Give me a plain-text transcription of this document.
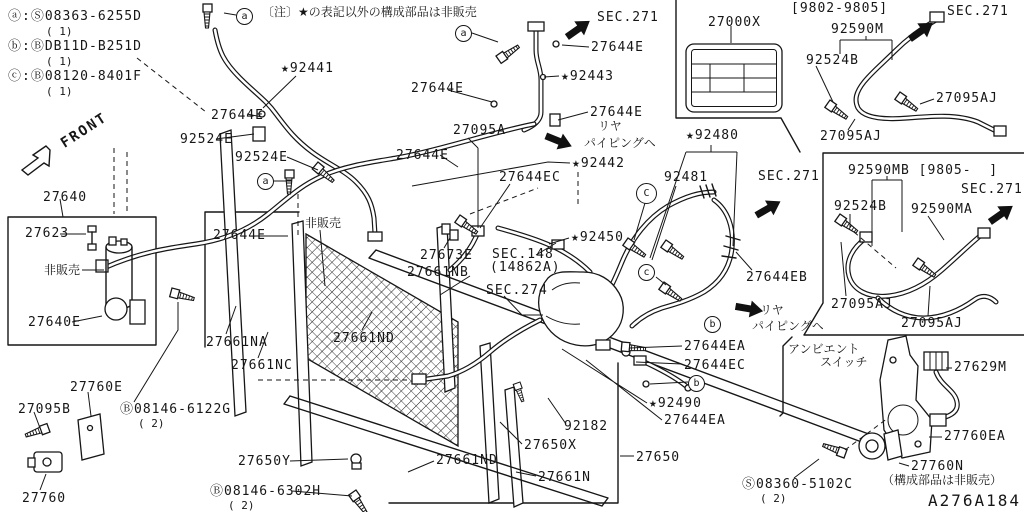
ⓐ:Ⓢ08363-6255D
( 1)
ⓑ:ⒷDB11D-B251D
( 1)
ⓒ:Ⓑ08120-8401F
( 1)
〔注〕★の表記以外の構成部品は非販売
FRONT
27644E
★92443
27644E
27644E
★92441
27644E
92524E
92524E	27644E
27095A	リヤ
パイピングヘ
★92442
27644EC
★92450
SEC.148
(14862A)
SEC.274
27673E
27661NB
非販売
27644E
27661NA
27661NC
27661ND
27661ND
27650Y
Ⓑ08146-6302H
( 2)
Ⓑ08146-6122G
( 2)
27760E
27095B
27760
27640
27623
非販売
27640E
92182
27650X
27661N
27650
★92490
27644EA
27644EA
27644EC
★92480
92481	SEC.271
27644EB
リヤ
パイピングヘ
SEC.271	27000X
[9802-9805]
92590M
92524B
SEC.271
27095AJ
27095AJ
92590MB [9805-  ]
SEC.271
92524B 92590MA
27095AJ
27095AJ
アンビエント
スイッチ	27629M
27760EA
27760N
（構成部品は非販売）
Ⓢ08360-5102C
( 2)	A276A184
a
a
a
C
c
b
b
